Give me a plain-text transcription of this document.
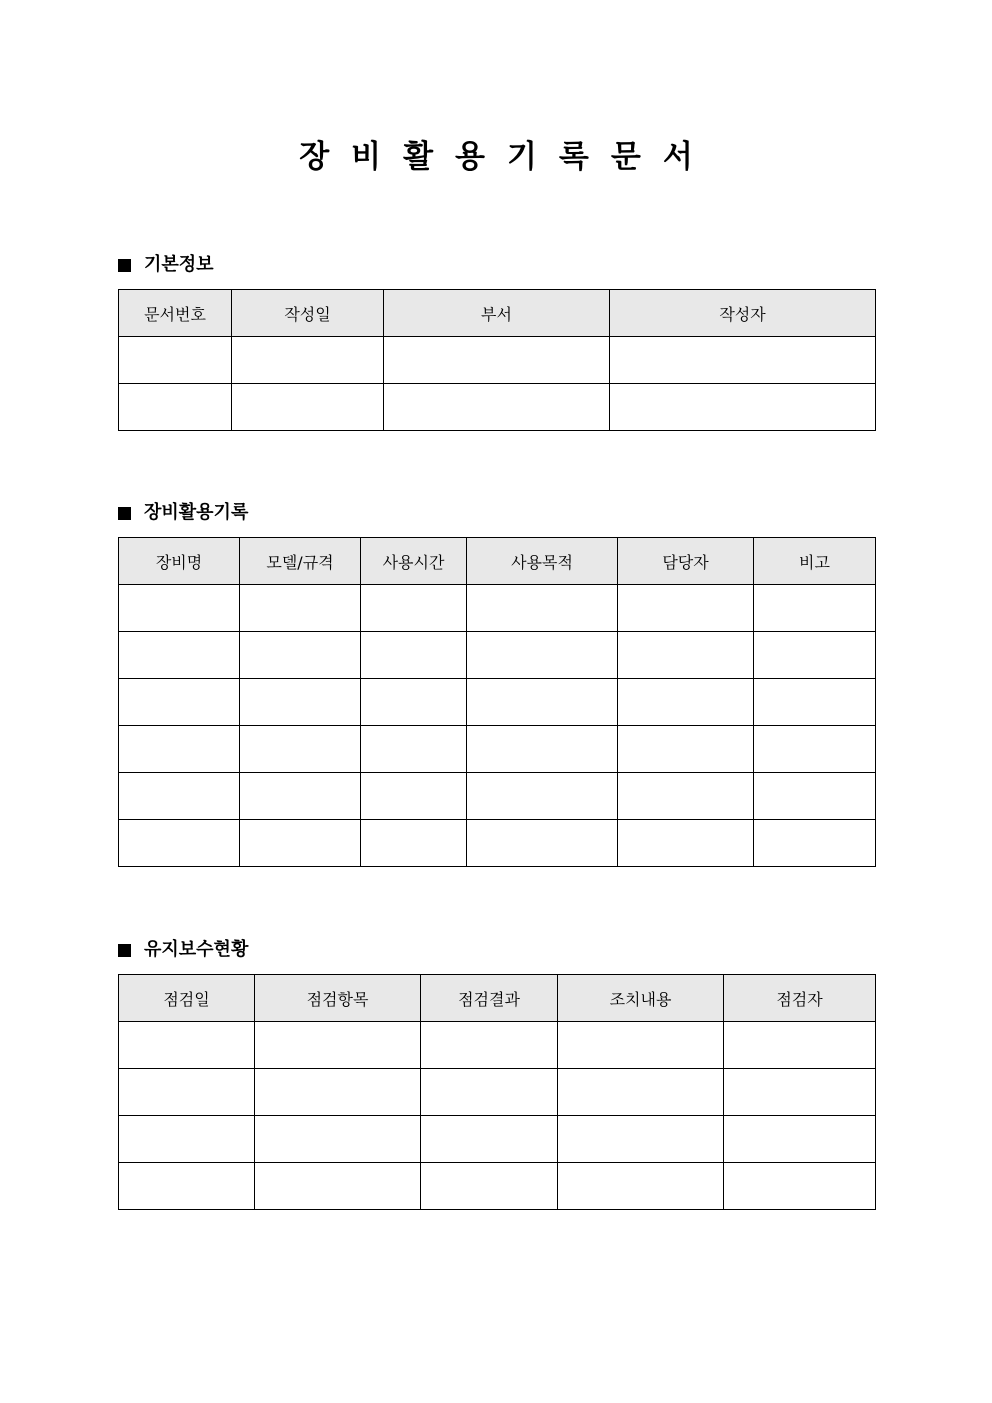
장비활용기록문서
기본정보
문서번호	작성일	부서	작성자

장비활용기록
장비명	모델/규격	사용시간	사용목적	담당자	비고

유지보수현황
점검일	점검항목	점검결과	조치내용	점검자
